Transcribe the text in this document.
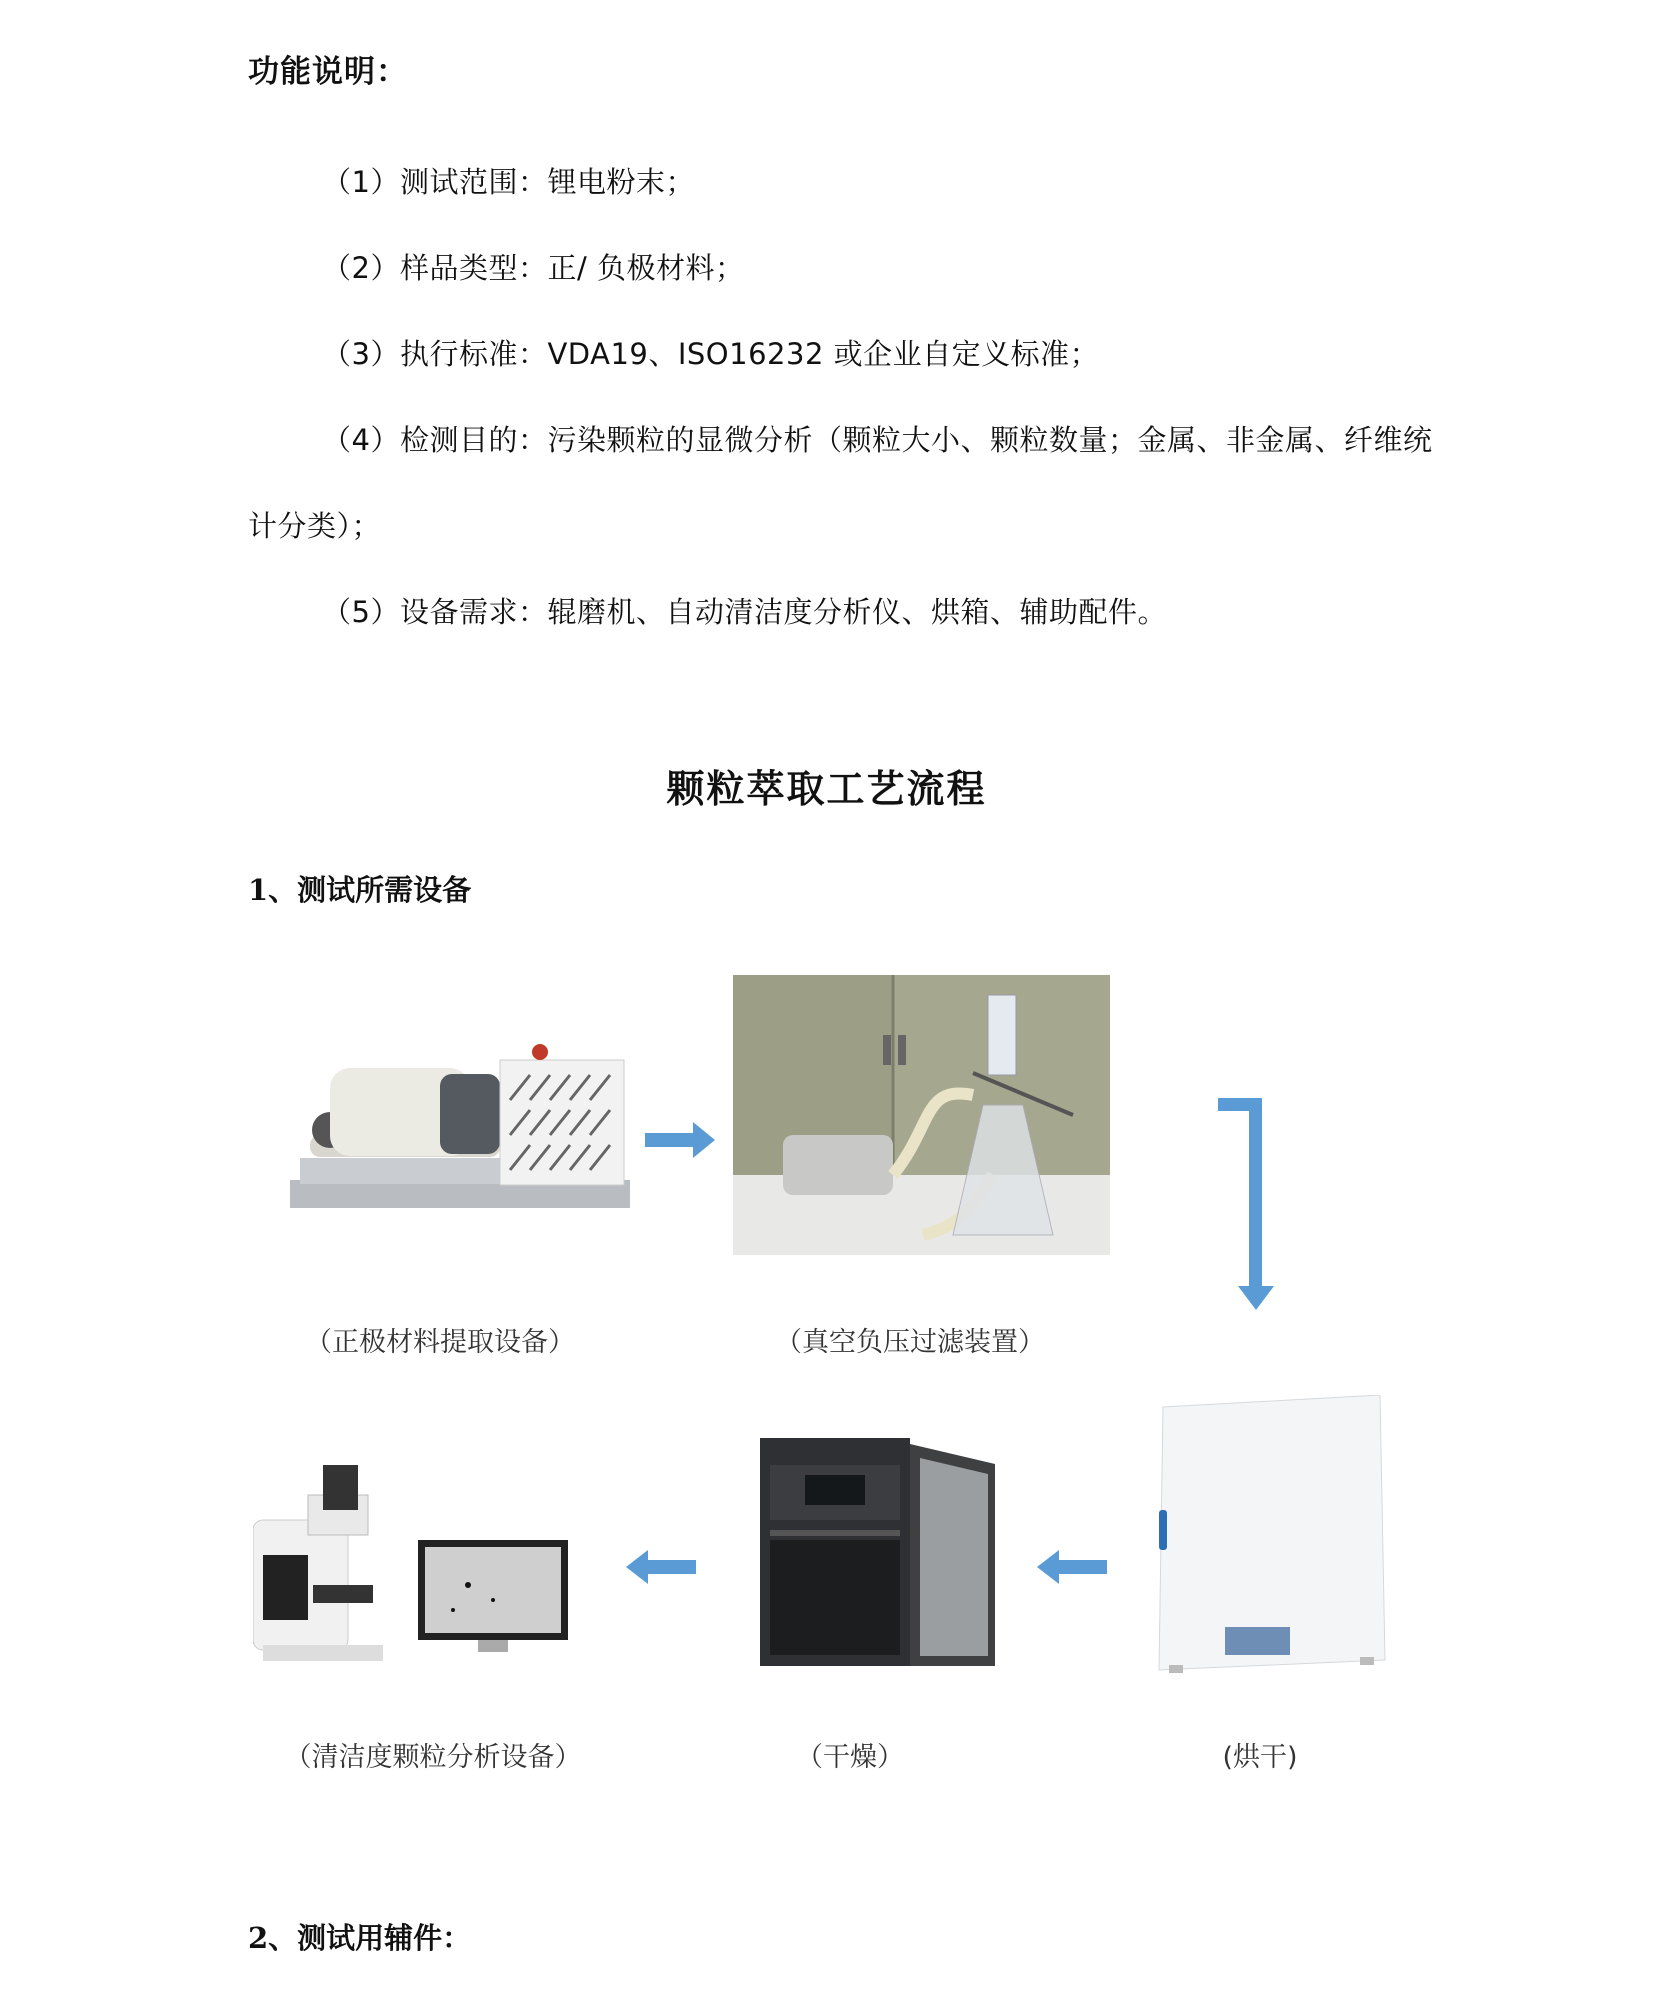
功能说明：
（1）测试范围：锂电粉末；
（2）样品类型：正/ 负极材料；
（3）执行标准：VDA19、ISO16232 或企业自定义标准；
（4）检测目的：污染颗粒的显微分析（颗粒大小、颗粒数量；金属、非金属、纤维统
计分类）；
（5）设备需求：辊磨机、自动清洁度分析仪、烘箱、辅助配件。
颗粒萃取工艺流程
1、测试所需设备
（正极材料提取设备）	（真空负压过滤装置）
（清洁度颗粒分析设备）	（干燥）	(烘干)
2、测试用辅件：
